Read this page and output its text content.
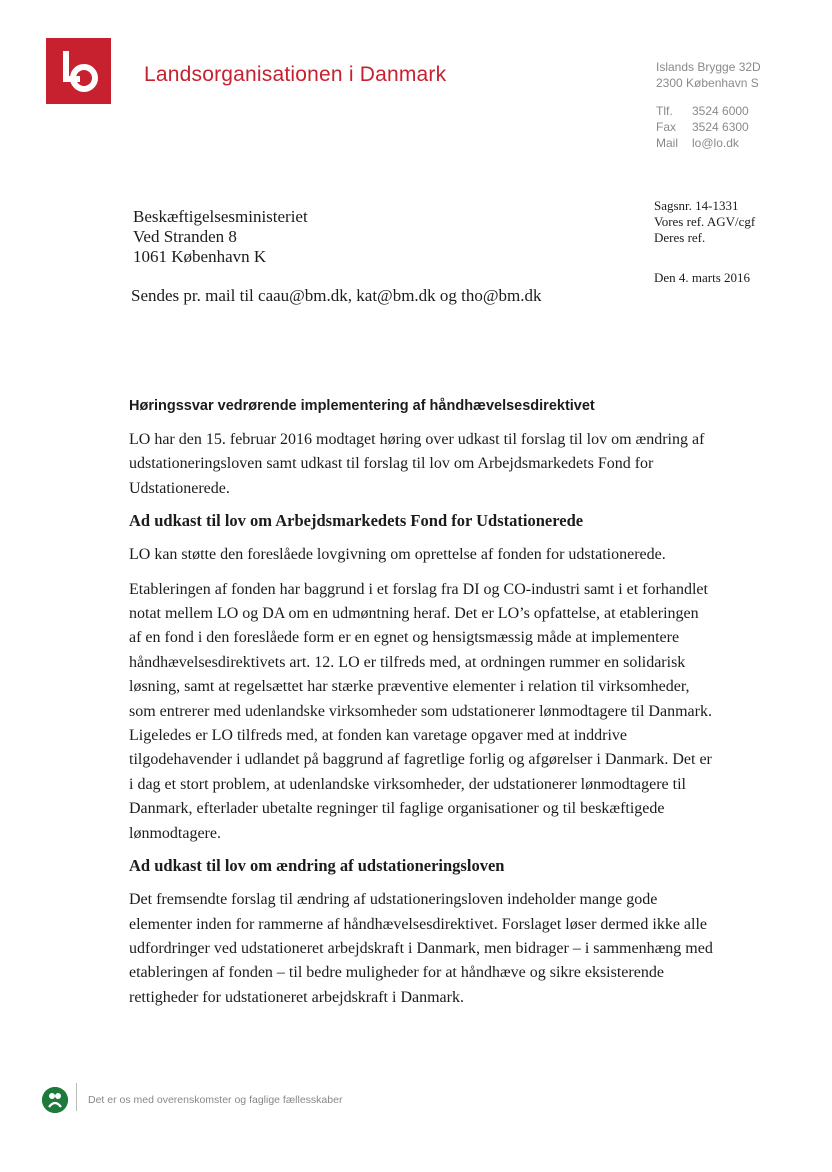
Landsorganisationen i Danmark	Islands Brygge 32D
2300 København S
Tlf. 3524 6000
Fax 3524 6300
Mail lo@lo.dk
Beskæftigelsesministeriet
Ved Stranden 8
1061 København K
Sagsnr. 14-1331
Vores ref. AGV/cgf
Deres ref.
Den 4. marts 2016
Sendes pr. mail til caau@bm.dk, kat@bm.dk og tho@bm.dk
Høringssvar vedrørende implementering af håndhævelsesdirektivet

LO har den 15. februar 2016 modtaget høring over udkast til forslag til lov om ændring af udstationeringsloven samt udkast til forslag til lov om Arbejdsmarkedets Fond for Udstationerede.

Ad udkast til lov om Arbejdsmarkedets Fond for Udstationerede

LO kan støtte den foreslåede lovgivning om oprettelse af fonden for udstationerede.

Etableringen af fonden har baggrund i et forslag fra DI og CO-industri samt i et forhandlet notat mellem LO og DA om en udmøntning heraf. Det er LO’s opfattelse, at etableringen af en fond i den foreslåede form er en egnet og hensigtsmæssig måde at implementere håndhævelsesdirektivets art. 12. LO er tilfreds med, at ordningen rummer en solidarisk løsning, samt at regelsættet har stærke præventive elementer i relation til virksomheder, som entrerer med udenlandske virksomheder som udstationerer lønmodtagere til Danmark. Ligeledes er LO tilfreds med, at fonden kan varetage opgaver med at inddrive tilgodehavender i udlandet på baggrund af fagretlige forlig og afgørelser i Danmark. Det er i dag et stort problem, at udenlandske virksomheder, der udstationerer lønmodtagere til Danmark, efterlader ubetalte regninger til faglige organisationer og til beskæftigede lønmodtagere.

Ad udkast til lov om ændring af udstationeringsloven

Det fremsendte forslag til ændring af udstationeringsloven indeholder mange gode elementer inden for rammerne af håndhævelsesdirektivet. Forslaget løser dermed ikke alle udfordringer ved udstationeret arbejdskraft i Danmark, men bidrager – i sammenhæng med etableringen af fonden – til bedre muligheder for at håndhæve og sikre eksisterende rettigheder for udstationeret arbejdskraft i Danmark.

Det er os med overenskomster og faglige fællesskaber
